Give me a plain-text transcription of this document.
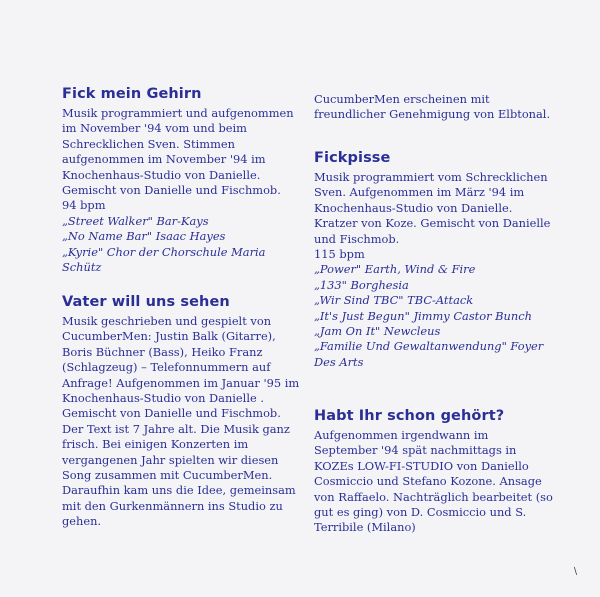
Fick mein Gehirn

Musik programmiert und aufgenommen im November '94 vom und beim Schrecklichen Sven. Stimmen aufgenommen im November '94 im Knochenhaus-Studio von Danielle. Gemischt von Danielle und Fischmob.

94 bpm

„Street Walker" Bar-Kays

„No Name Bar" Isaac Hayes

„Kyrie" Chor der Chorschule Maria Schütz

Vater will uns sehen

Musik geschrieben und gespielt von CucumberMen: Justin Balk (Gitarre), Boris Büchner (Bass), Heiko Franz (Schlagzeug) – Telefonnummern auf Anfrage! Aufgenommen im Januar '95 im Knochenhaus-Studio von Danielle . Gemischt von Danielle und Fischmob. Der Text ist 7 Jahre alt. Die Musik ganz frisch. Bei einigen Konzerten im vergangenen Jahr spielten wir diesen Song zusammen mit CucumberMen. Daraufhin kam uns die Idee, gemeinsam mit den Gurkenmännern ins Studio zu gehen.

CucumberMen erscheinen mit freundlicher Genehmigung von Elbtonal.

Fickpisse

Musik programmiert vom Schrecklichen Sven. Aufgenommen im März '94 im Knochenhaus-Studio von Danielle. Kratzer von Koze. Gemischt von Danielle und Fischmob.

115 bpm

„Power" Earth, Wind & Fire

„133" Borghesia

„Wir Sind TBC" TBC-Attack

„It's Just Begun" Jimmy Castor Bunch

„Jam On It" Newcleus

„Familie Und Gewaltanwendung" Foyer Des Arts

Habt Ihr schon gehört?

Aufgenommen irgendwann im September '94 spät nachmittags in KOZEs LOW-FI-STUDIO von Daniello Cosmiccio und Stefano Kozone. Ansage von Raffaelo. Nachträglich bearbeitet (so gut es ging) von D. Cosmiccio und S. Terribile (Milano)

\
